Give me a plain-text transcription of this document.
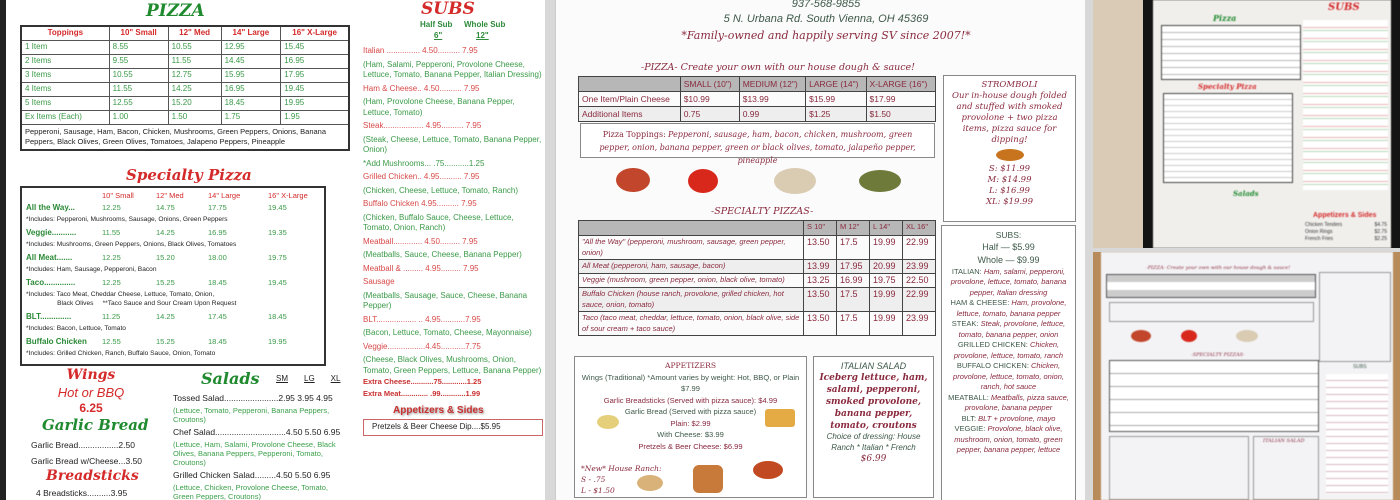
PIZZA
Toppings	10" Small	12" Med	14" Large	16" X-Large
1 Item	8.55	10.55	12.95	15.45
2 Items	9.55	11.55	14.45	16.95
3 Items	10.55	12.75	15.95	17.95
4 Items	11.55	14.25	16.95	19.45
5 Items	12.55	15.20	18.45	19.95
Ex Items (Each)	1.00	1.50	1.75	1.95
Pepperoni, Sausage, Ham, Bacon, Chicken, Mushrooms, Green Peppers, Onions, Banana Peppers, Black Olives, Green Olives, Tomatoes, Jalapeno Peppers, Pineapple				
Specialty Pizza
10" Small	12" Med	14" Large	16" X-Large
All the Way...	12.25	14.75	17.75	19.45
*Includes: Pepperoni, Mushrooms, Sausage, Onions, Green Peppers
Veggie...........	11.55	14.25	16.95	19.35
*Includes: Mushrooms, Green Peppers, Onions, Black Olives, Tomatoes
All Meat.......	12.25	15.20	18.00	19.75
*Includes: Ham, Sausage, Pepperoni, Bacon
Taco..............	12.25	15.25	18.45	19.45
*Includes: Taco Meat, Cheddar Cheese, Lettuce, Tomato, Onion,
Black Olives     **Taco Sauce and Sour Cream Upon Request
BLT..............	11.25	14.25	17.45	18.45
*Includes: Bacon, Lettuce, Tomato
Buffalo Chicken 12.55	15.25	18.45	19.95
*Includes: Grilled Chicken, Ranch, Buffalo Sauce, Onion, Tomato
Wings
Hot or BBQ
6.25
Garlic Bread
Garlic Bread.................2.50
Garlic Bread w/Cheese...3.50
Breadsticks
4 Breadsticks..........3.95
Salads SM LG XL
Tossed Salad.......................2.95 3.95 4.95
(Lettuce, Tomato, Pepperoni, Banana Peppers, Croutons)
Chef Salad..............................4.50 5.50 6.95
(Lettuce, Ham, Salami, Provolone Cheese, Black Olives, Banana Peppers, Pepperoni, Tomato, Croutons)
Grilled Chicken Salad.........4.50 5.50 6.95
(Lettuce, Chicken, Provolone Cheese, Tomato, Green Peppers, Croutons)
SUBS
Half Sub Whole Sub
6"	12"
Italian ............... 4.50.......... 7.95
(Ham, Salami, Pepperoni, Provolone Cheese, Lettuce, Tomato, Banana Pepper, Italian Dressing)
Ham & Cheese.. 4.50.......... 7.95
(Ham, Provolone Cheese, Banana Pepper, Lettuce, Tomato)
Steak.................. 4.95.......... 7.95
(Steak, Cheese, Lettuce, Tomato, Banana Pepper, Onion)
*Add Mushrooms... .75...........1.25
Grilled Chicken.. 4.95.......... 7.95
(Chicken, Cheese, Lettuce, Tomato, Ranch)
Buffalo Chicken 4.95.......... 7.95
(Chicken, Buffalo Sauce, Cheese, Lettuce, Tomato, Onion, Ranch)
Meatball............. 4.50......... 7.95
(Meatballs, Sauce, Cheese, Banana Pepper)
Meatball & ......... 4.95......... 7.95
Sausage
(Meatballs, Sausage, Sauce, Cheese, Banana Pepper)
BLT.................. .. 4.95...........7.95
(Bacon, Lettuce, Tomato, Cheese, Mayonnaise)
Veggie.................4.45...........7.75
(Cheese, Black Olives, Mushrooms, Onion, Tomato, Green Peppers, Lettuce, Banana Pepper)
Extra Cheese...........75............1.25
Extra Meat............. .99............1.99
Appetizers & Sides
Pretzels & Beer Cheese Dip....$5.95
937-568-9855
5 N. Urbana Rd. South Vienna, OH 45369
*Family-owned and happily serving SV since 2007!*
-PIZZA- Create your own with our house dough & sauce!
	SMALL (10")	MEDIUM (12")	LARGE (14")	X-LARGE (16")
One Item/Plain Cheese	$10.99	$13.99	$15.99	$17.99
Additional Items	0.75	0.99	$1.25	$1.50
Pizza Toppings: Pepperoni, sausage, ham, bacon, chicken, mushroom, green pepper, onion, banana pepper, green or black olives, tomato, jalapeño pepper, pineapple
-SPECIALTY PIZZAS-
	S 10"	M 12"	L 14"	XL 16"
"All the Way" (pepperoni, mushroom, sausage, green pepper, onion)	13.50	17.5	19.99	22.99
All Meat (pepperoni, ham, sausage, bacon)	13.99	17.95	20.99	23.99
Veggie (mushroom, green pepper, onion, black olive, tomato)	13.25	16.99	19.75	22.50
Buffalo Chicken (house ranch, provolone, grilled chicken, hot sauce, onion, tomato)	13.50	17.5	19.99	22.99
Taco (taco meat, cheddar, lettuce, tomato, onion, black olive, side of sour cream + taco sauce)	13.50	17.5	19.99	23.99
STROMBOLI
Our in-house dough folded and stuffed with smoked provolone + two pizza items, pizza sauce for dipping!
S: $11.99
M: $14.99
L: $16.99
XL: $19.99
SUBS:
Half — $5.99
Whole — $9.99
ITALIAN: Ham, salami, pepperoni, provolone, lettuce, tomato, banana pepper, Italian dressing
HAM & CHEESE: Ham, provolone, lettuce, tomato, banana pepper
STEAK: Steak, provolone, lettuce, tomato, banana pepper, onion
GRILLED CHICKEN: Chicken, provolone, lettuce, tomato, ranch
BUFFALO CHICKEN: Chicken, provolone, lettuce, tomato, onion, ranch, hot sauce
MEATBALL: Meatballs, pizza sauce, provolone, banana pepper
BLT: BLT + provolone, mayo
VEGGIE: Provolone, black olive, mushroom, onion, tomato, green pepper, banana pepper, lettuce
APPETIZERS
Wings (Traditional) *Amount varies by weight: Hot, BBQ, or Plain $7.99
Garlic Breadsticks (Served with pizza sauce): $4.99
Garlic Bread (Served with pizza sauce)
Plain: $2.99
With Cheese: $3.99
Pretzels & Beer Cheese: $6.99
*New* House Ranch:
S - .75
L - $1.50
ITALIAN SALAD
Iceberg lettuce, ham, salami, pepperoni, smoked provolone, banana pepper, tomato, croutons
Choice of dressing: House Ranch * Italian * French
$6.99
SUBS
Pizza
Specialty Pizza
Salads
Appetizers & Sides
Chicken Tenders	$4.75
Onion Rings	$2.75
French Fries	$2.25
-PIZZA- Create your own with our house dough & sauce!
-SPECIALTY PIZZAS-
SUBS
ITALIAN SALAD
